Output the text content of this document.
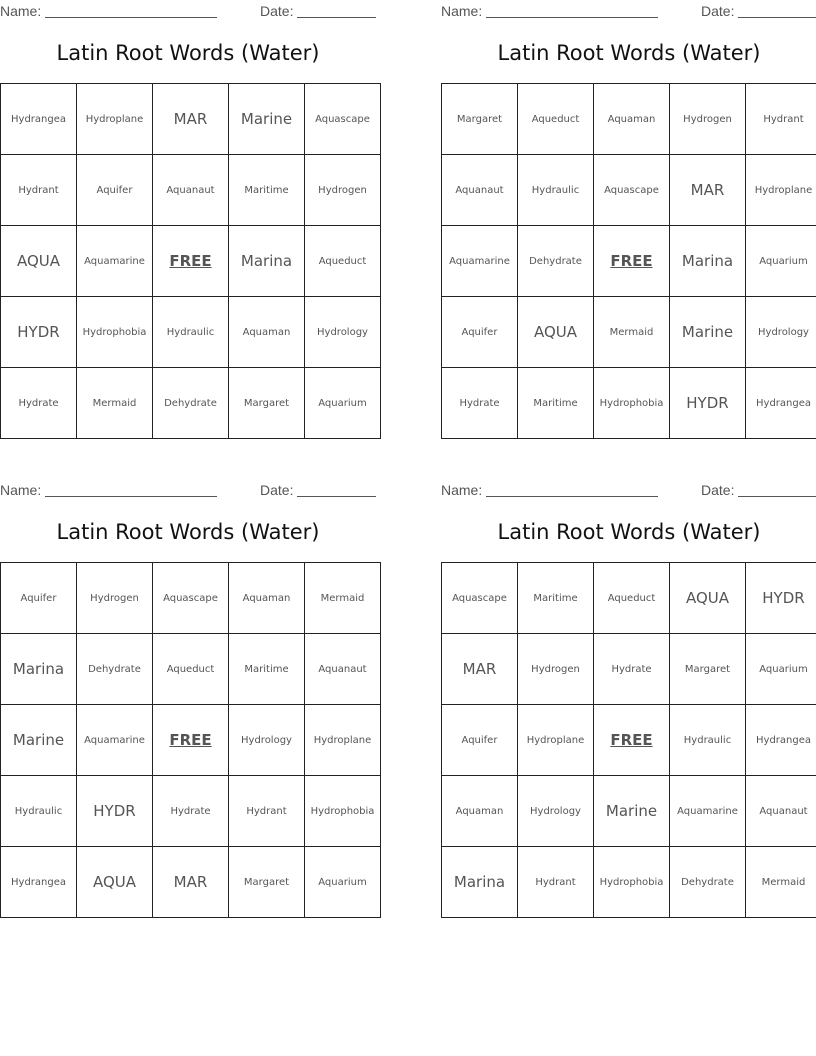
Name:	Date:
Latin Root Words (Water)
Hydrangea	Hydroplane	MAR	Marine	Aquascape
Hydrant	Aquifer	Aquanaut	Maritime	Hydrogen
AQUA	Aquamarine	FREE	Marina	Aqueduct
HYDR	Hydrophobia	Hydraulic	Aquaman	Hydrology
Hydrate	Mermaid	Dehydrate	Margaret	Aquarium
Name:	Date:
Latin Root Words (Water)
Margaret	Aqueduct	Aquaman	Hydrogen	Hydrant
Aquanaut	Hydraulic	Aquascape	MAR	Hydroplane
Aquamarine	Dehydrate	FREE	Marina	Aquarium
Aquifer	AQUA	Mermaid	Marine	Hydrology
Hydrate	Maritime	Hydrophobia	HYDR	Hydrangea
Name:	Date:
Latin Root Words (Water)
Aquifer	Hydrogen	Aquascape	Aquaman	Mermaid
Marina	Dehydrate	Aqueduct	Maritime	Aquanaut
Marine	Aquamarine	FREE	Hydrology	Hydroplane
Hydraulic	HYDR	Hydrate	Hydrant	Hydrophobia
Hydrangea	AQUA	MAR	Margaret	Aquarium
Name:	Date:
Latin Root Words (Water)
Aquascape	Maritime	Aqueduct	AQUA	HYDR
MAR	Hydrogen	Hydrate	Margaret	Aquarium
Aquifer	Hydroplane	FREE	Hydraulic	Hydrangea
Aquaman	Hydrology	Marine	Aquamarine	Aquanaut
Marina	Hydrant	Hydrophobia	Dehydrate	Mermaid
